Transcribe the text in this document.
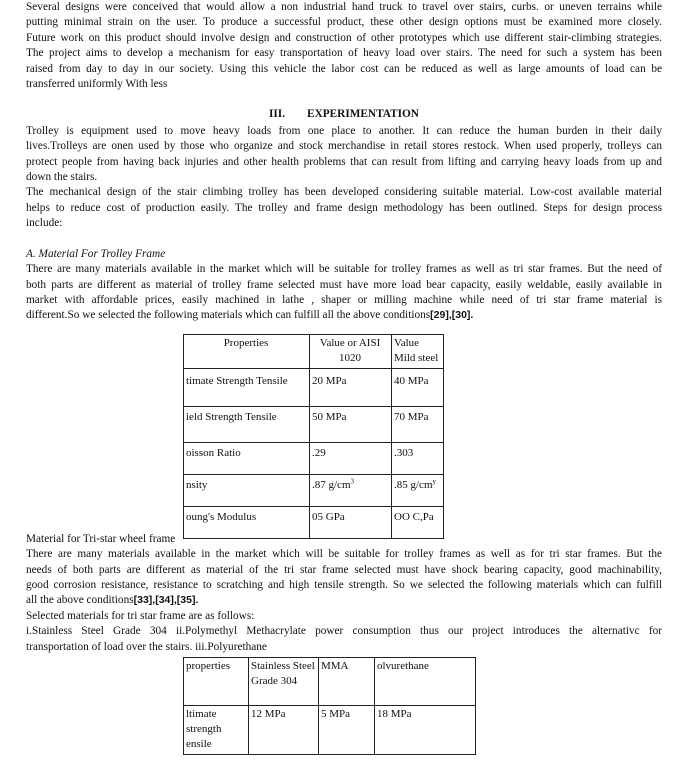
Several designs were conceived that would allow a non industrial hand truck to travel over stairs, curbs. or uneven terrains while

putting minimal strain on the user. To produce a successful product, these other design options must be examined more closely.

Future work on this product should involve design and construction of other prototypes which use different stair-climbing strategies.

The project aims to develop a mechanism for easy transportation of heavy load over stairs. The need for such a system has been

raised from day to day in our society. Using this vehicle the labor cost can be reduced as well as large amounts of load can be

transferred uniformly With less

III. EXPERIMENTATION

Trolley is equipment used to move heavy loads from one place to another. It can reduce the human burden in their daily

lives.Trolleys are onen used by those who organize and stock merchandise in retail stores restock. When used properly, trolleys can

protect people from having back injuries and other health problems that can result from lifting and carrying heavy loads from up and

down the stairs.

The mechanical design of the stair climbing trolley has been developed considering suitable material. Low-cost available material

helps to reduce cost of production easily. The trolley and frame design methodology has been outlined. Steps for design process

include:

A. Material For Trolley Frame

There are many materials available in the market which will be suitable for trolley frames as well as tri star frames. But the need of

both parts are different as material of trolley frame selected must have more load bear capacity, easily weldable, easily available in

market with affordable prices, easily machined in lathe , shaper or milling machine while need of tri star frame material is

different.So we selected the following materials which can fulfill all the above conditions[29],[30].

Material for Tri-star wheel frame

There are many materials available in the market which will be suitable for trolley frames as well as for tri star frames. But the

needs of both parts are different as material of the tri star frame selected must have shock bearing capacity, good machinability,

good corrosion resistance, resistance to scratching and high tensile strength. So we selected the following materials which can fulfill

all the above conditions[33],[34],[35].

Selected materials for tri star frame are as follows:

i.Stainless Steel Grade 304 ii.Polymethyl Methacrylate power consumption thus our project introduces the alternativc for

transportation of load over the stairs. iii.Polyurethane

Properties	Value or AISI 1020	Value Mild steel
timate Strength Tensile	20 MPa	40 MPa
ield Strength Tensile	50 MPa	70 MPa
oisson Ratio	.29	.303
nsity	.87 $g/cm^3$	.85 $g/cm^y$
oung's Modulus	05 GPa	OO C,Pa
properties	Stainless Steel Grade 304	MMA	olvurethane
ltimate strength ensile	12 MPa	5 MPa	18 MPa
